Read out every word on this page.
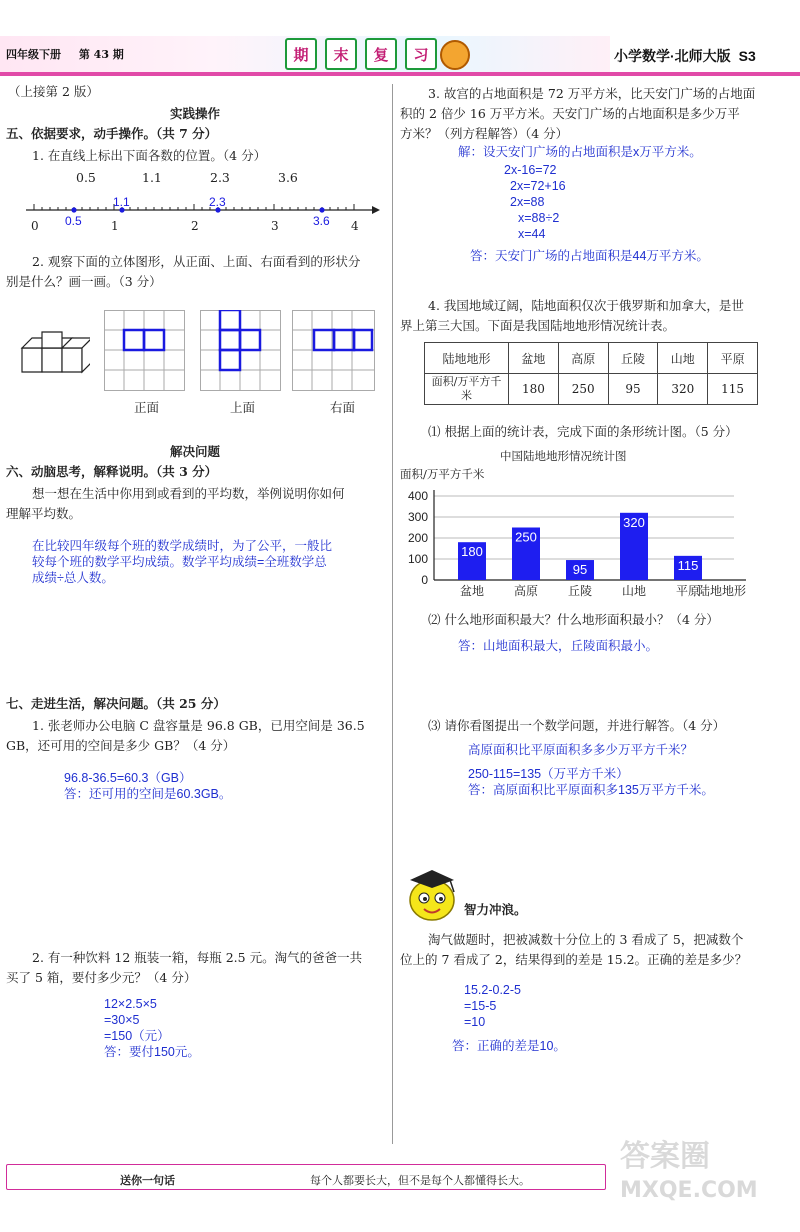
四年级下册 第 43 期	期	末	复	习	小学数学·北师大版 S3
（上接第 2 版）
实践操作
五、依据要求，动手操作。（共 7 分）
1. 在直线上标出下面各数的位置。（4 分）
0.5	1.1	2.3	3.6
0	1	2	3	4
0.5
1.1	2.3
3.6
2. 观察下面的立体图形，从正面、上面、右面看到的形状分
别是什么？画一画。（3 分）
正面	上面	右面
解决问题
六、动脑思考，解释说明。（共 3 分）
想一想在生活中你用到或看到的平均数，举例说明你如何
理解平均数。
在比较四年级每个班的数学成绩时，为了公平，一般比
较每个班的数学平均成绩。数学平均成绩=全班数学总
成绩÷总人数。
七、走进生活，解决问题。（共 25 分）
1. 张老师办公电脑 C 盘容量是 96.8 GB，已用空间是 36.5
GB，还可用的空间是多少 GB？（4 分）
96.8-36.5=60.3（GB）
答：还可用的空间是60.3GB。
2. 有一种饮料 12 瓶装一箱，每瓶 2.5 元。淘气的爸爸一共
买了 5 箱，要付多少元？（4 分）
12×2.5×5
=30×5
=150（元）
答：要付150元。
3. 故宫的占地面积是 72 万平方米，比天安门广场的占地面
积的 2 倍少 16 万平方米。天安门广场的占地面积是多少万平
方米？（列方程解答）（4 分）
解：设天安门广场的占地面积是x万平方米。
2x-16=72
2x=72+16
2x=88
x=88÷2
x=44
答：天安门广场的占地面积是44万平方米。
4. 我国地域辽阔，陆地面积仅次于俄罗斯和加拿大，是世
界上第三大国。下面是我国陆地地形情况统计表。
陆地地形	盆地	高原	丘陵	山地	平原
面积/万平方千米	180	250	95	320	115
⑴ 根据上面的统计表，完成下面的条形统计图。（5 分）
中国陆地地形情况统计图
面积/万平方千米
0
100
200
300
400
180
盆地
250
高原
95
丘陵
320
山地
115
平原
陆地地形
⑵ 什么地形面积最大？什么地形面积最小？（4 分）
答：山地面积最大，丘陵面积最小。
⑶ 请你看图提出一个数学问题，并进行解答。（4 分）
高原面积比平原面积多多少万平方千米？
250-115=135（万平方千米）
答：高原面积比平原面积多135万平方千米。
智力冲浪。
淘气做题时，把被减数十分位上的 3 看成了 5，把减数个
位上的 7 看成了 2，结果得到的差是 15.2。正确的差是多少？
15.2-0.2-5
=15-5
=10
答：正确的差是10。
送你一句话	每个人都要长大，但不是每个人都懂得长大。
答案圈
MXQE.COM
